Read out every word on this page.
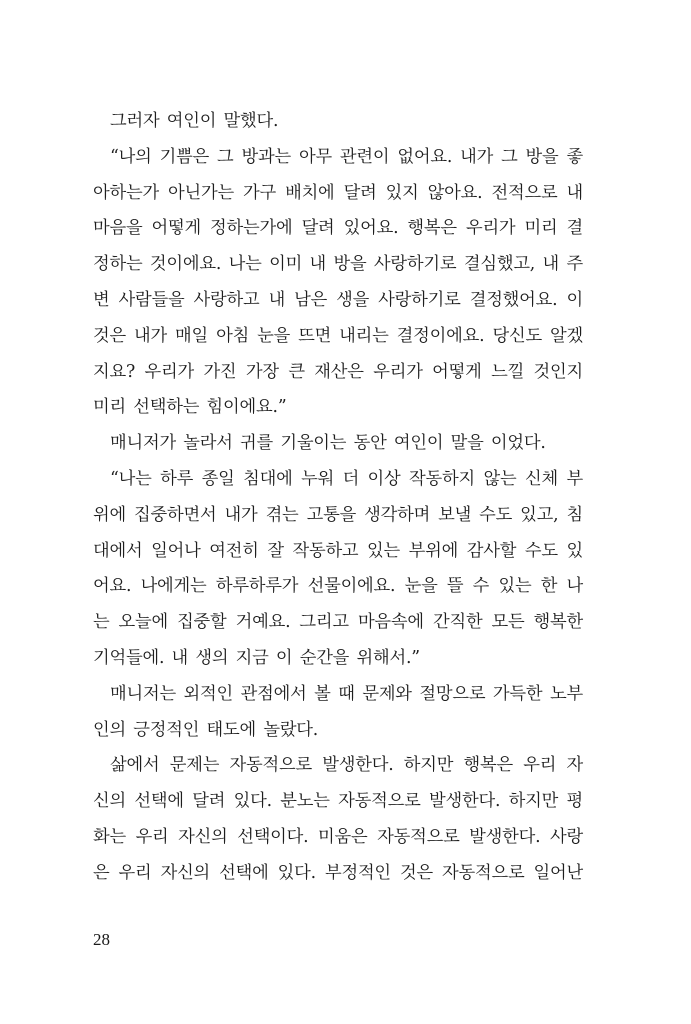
그러자 여인이 말했다.
“나의 기쁨은 그 방과는 아무 관련이 없어요. 내가 그 방을 좋
아하는가 아닌가는 가구 배치에 달려 있지 않아요. 전적으로 내
마음을 어떻게 정하는가에 달려 있어요. 행복은 우리가 미리 결
정하는 것이에요. 나는 이미 내 방을 사랑하기로 결심했고, 내 주
변 사람들을 사랑하고 내 남은 생을 사랑하기로 결정했어요. 이
것은 내가 매일 아침 눈을 뜨면 내리는 결정이에요. 당신도 알겠
지요? 우리가 가진 가장 큰 재산은 우리가 어떻게 느낄 것인지
미리 선택하는 힘이에요.”
매니저가 놀라서 귀를 기울이는 동안 여인이 말을 이었다.
“나는 하루 종일 침대에 누워 더 이상 작동하지 않는 신체 부
위에 집중하면서 내가 겪는 고통을 생각하며 보낼 수도 있고, 침
대에서 일어나 여전히 잘 작동하고 있는 부위에 감사할 수도 있
어요. 나에게는 하루하루가 선물이에요. 눈을 뜰 수 있는 한 나
는 오늘에 집중할 거예요. 그리고 마음속에 간직한 모든 행복한
기억들에. 내 생의 지금 이 순간을 위해서.”
매니저는 외적인 관점에서 볼 때 문제와 절망으로 가득한 노부
인의 긍정적인 태도에 놀랐다.
삶에서 문제는 자동적으로 발생한다. 하지만 행복은 우리 자
신의 선택에 달려 있다. 분노는 자동적으로 발생한다. 하지만 평
화는 우리 자신의 선택이다. 미움은 자동적으로 발생한다. 사랑
은 우리 자신의 선택에 있다. 부정적인 것은 자동적으로 일어난
28
